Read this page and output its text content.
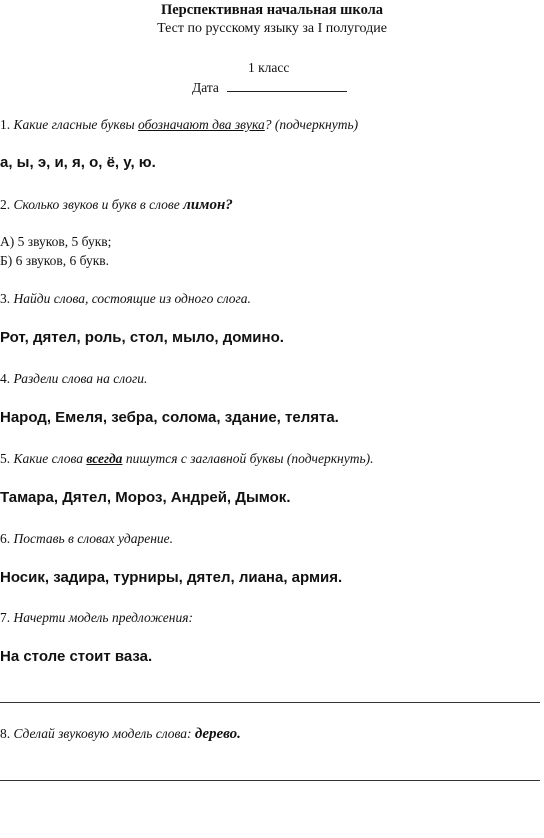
Перспективная начальная школа
Тест по русскому языку за I полугодие
1 класс
Дата
1. Какие гласные буквы обозначают два звука? (подчеркнуть)
а, ы, э, и, я, о, ё, у, ю.
2. Сколько звуков и букв в слове лимон?
А) 5 звуков, 5 букв;
Б) 6 звуков, 6 букв.
3. Найди слова, состоящие из одного слога.
Рот, дятел, роль, стол, мыло, домино.
4. Раздели слова на слоги.
Народ, Емеля, зебра, солома, здание, телята.
5. Какие слова всегда пишутся с заглавной буквы (подчеркнуть).
Тамара, Дятел, Мороз, Андрей, Дымок.
6. Поставь в словах ударение.
Носик, задира, турниры, дятел, лиана, армия.
7. Начерти модель предложения:
На столе стоит ваза.
8. Сделай звуковую модель слова: дерево.
